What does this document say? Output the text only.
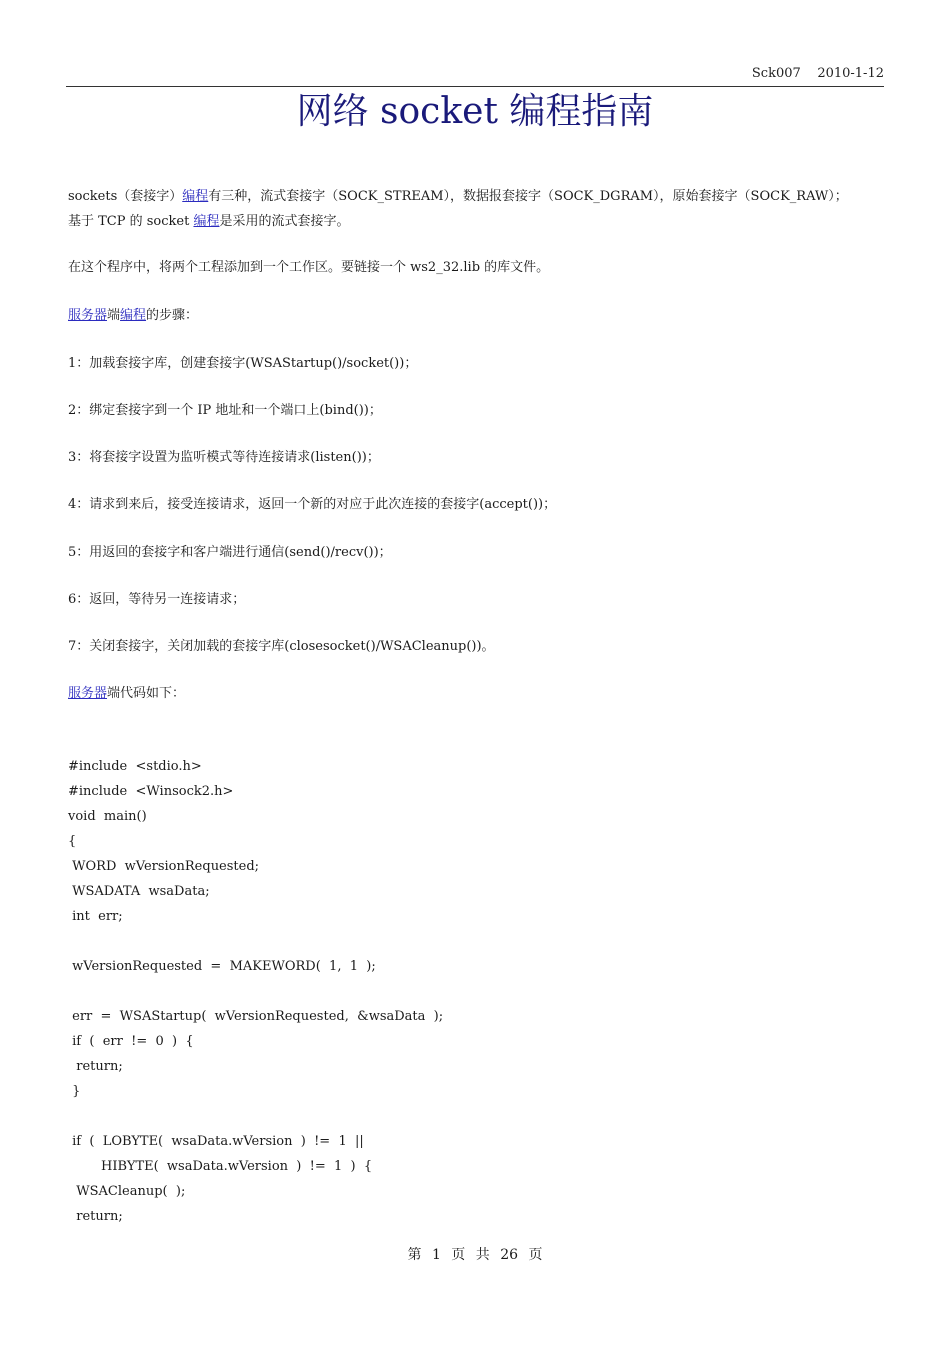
Sck007 2010-1-12
网络 socket 编程指南
sockets（套接字）编程有三种，流式套接字（SOCK_STREAM），数据报套接字（SOCK_DGRAM），原始套接字（SOCK_RAW）；
基于 TCP 的 socket 编程是采用的流式套接字。
在这个程序中，将两个工程添加到一个工作区。要链接一个 ws2_32.lib 的库文件。
服务器端编程的步骤：
1：加载套接字库，创建套接字(WSAStartup()/socket())；
2：绑定套接字到一个 IP 地址和一个端口上(bind())；
3：将套接字设置为监听模式等待连接请求(listen())；
4：请求到来后，接受连接请求，返回一个新的对应于此次连接的套接字(accept())；
5：用返回的套接字和客户端进行通信(send()/recv())；
6：返回，等待另一连接请求；
7：关闭套接字，关闭加载的套接字库(closesocket()/WSACleanup())。
服务器端代码如下：

#include  <stdio.h>
#include  <Winsock2.h>
void  main()
{
WORD  wVersionRequested;
WSADATA  wsaData;
int  err;
wVersionRequested  =  MAKEWORD(  1,  1  );
err  =  WSAStartup(  wVersionRequested,  &wsaData  );
if  (  err  !=  0  )  {
return;
}
if  (  LOBYTE(  wsaData.wVersion  )  !=  1  ||
HIBYTE(  wsaData.wVersion  )  !=  1  )  {
WSACleanup(  );
return;

第 1 页 共 26 页
